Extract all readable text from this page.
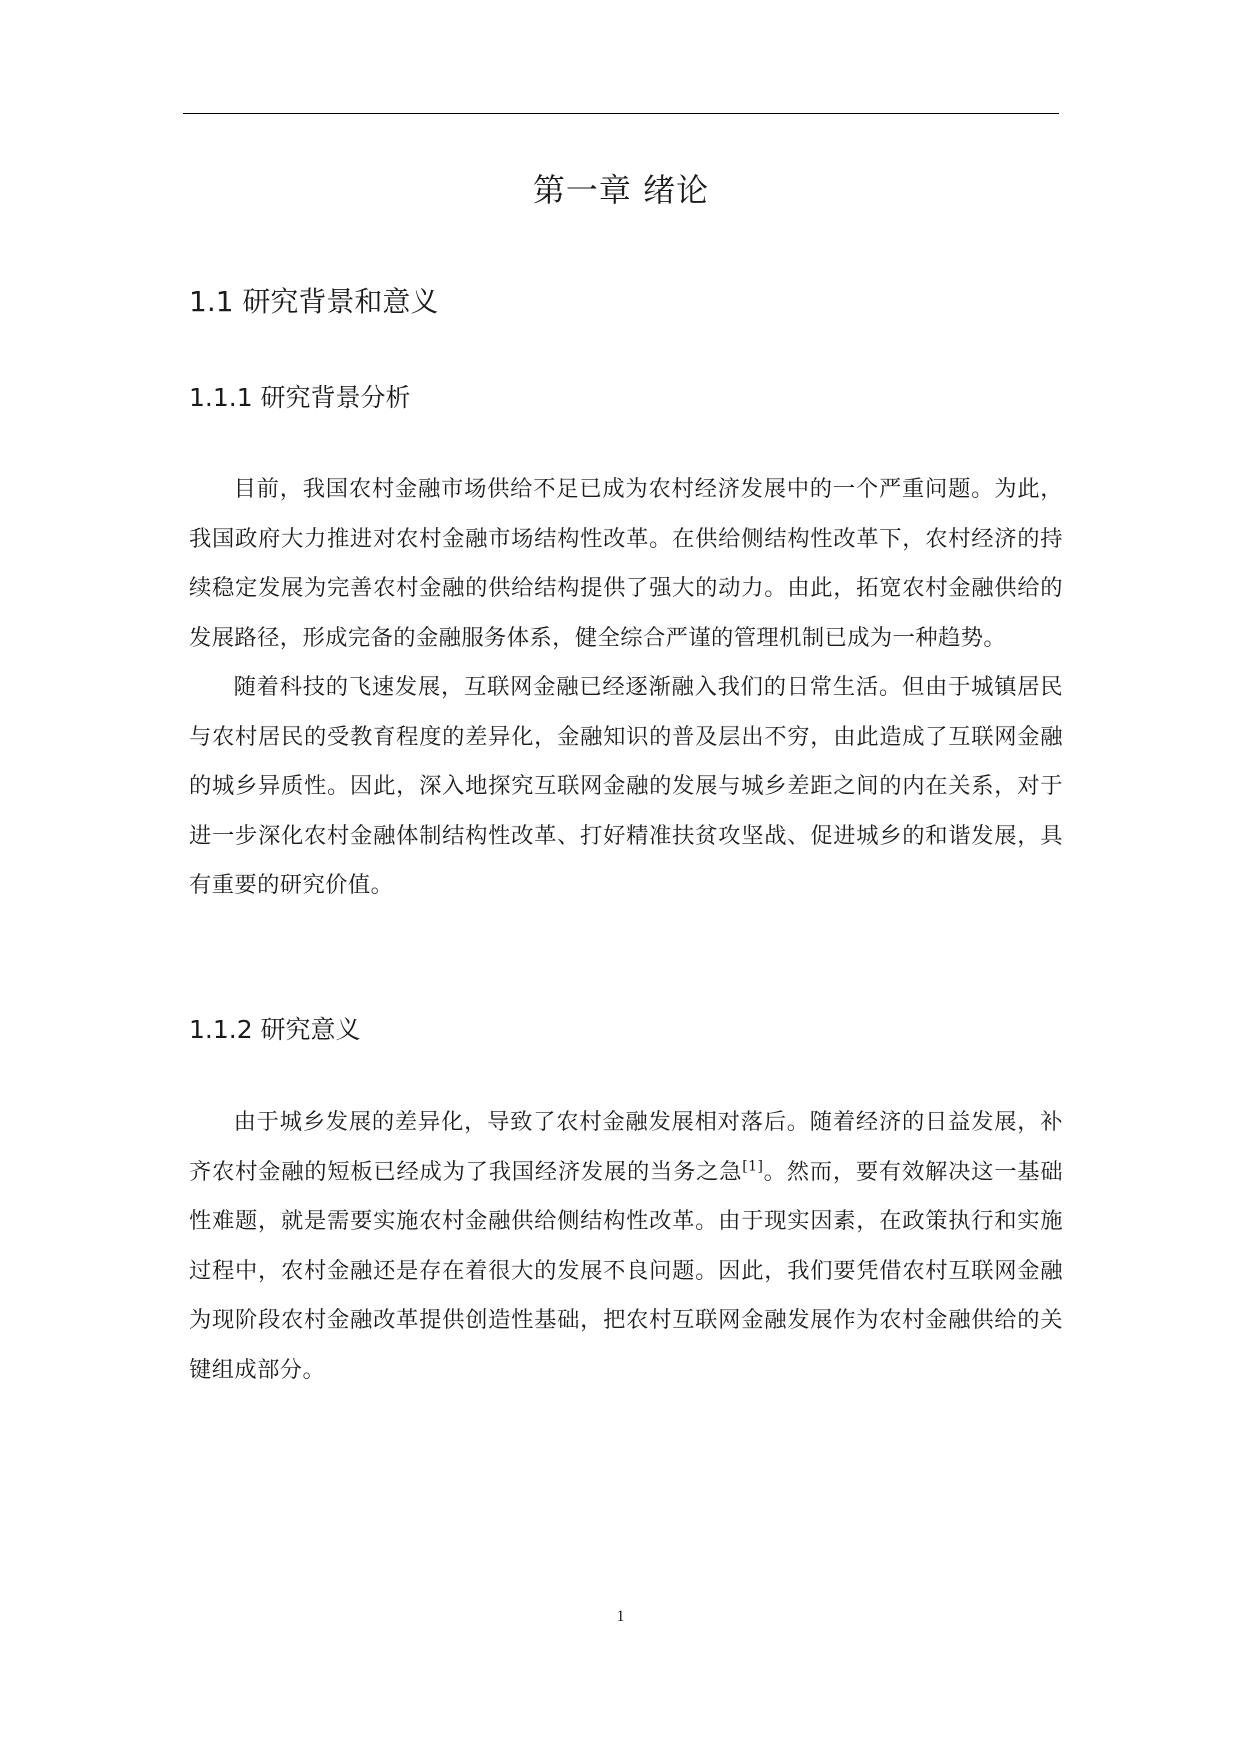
第一章 绪论
1.1 研究背景和意义
1.1.1 研究背景分析

目前，我国农村金融市场供给不足已成为农村经济发展中的一个严重问题。为此，我国政府大力推进对农村金融市场结构性改革。在供给侧结构性改革下，农村经济的持续稳定发展为完善农村金融的供给结构提供了强大的动力。由此，拓宽农村金融供给的发展路径，形成完备的金融服务体系，健全综合严谨的管理机制已成为一种趋势。

随着科技的飞速发展，互联网金融已经逐渐融入我们的日常生活。但由于城镇居民与农村居民的受教育程度的差异化，金融知识的普及层出不穷，由此造成了互联网金融的城乡异质性。因此，深入地探究互联网金融的发展与城乡差距之间的内在关系，对于进一步深化农村金融体制结构性改革、打好精准扶贫攻坚战、促进城乡的和谐发展，具有重要的研究价值。

1.1.2 研究意义

由于城乡发展的差异化，导致了农村金融发展相对落后。随着经济的日益发展，补齐农村金融的短板已经成为了我国经济发展的当务之急[1]。然而，要有效解决这一基础性难题，就是需要实施农村金融供给侧结构性改革。由于现实因素，在政策执行和实施过程中，农村金融还是存在着很大的发展不良问题。因此，我们要凭借农村互联网金融为现阶段农村金融改革提供创造性基础，把农村互联网金融发展作为农村金融供给的关键组成部分。

1
